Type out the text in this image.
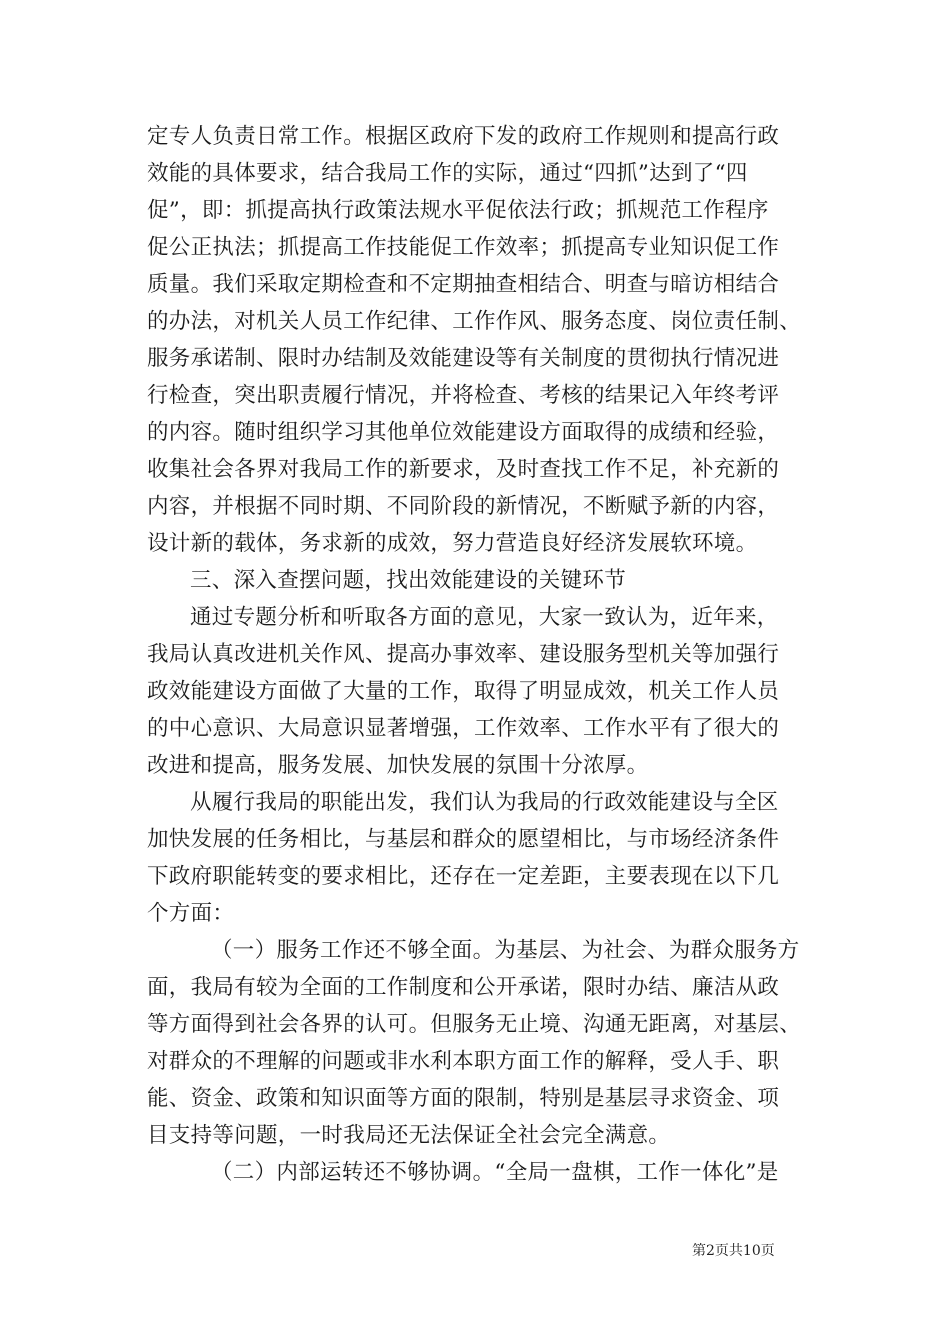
定专人负责日常工作。根据区政府下发的政府工作规则和提高行政
效能的具体要求，结合我局工作的实际，通过“四抓”达到了“四
促”，即：抓提高执行政策法规水平促依法行政；抓规范工作程序
促公正执法；抓提高工作技能促工作效率；抓提高专业知识促工作
质量。我们采取定期检查和不定期抽查相结合、明查与暗访相结合
的办法，对机关人员工作纪律、工作作风、服务态度、岗位责任制、
服务承诺制、限时办结制及效能建设等有关制度的贯彻执行情况进
行检查，突出职责履行情况，并将检查、考核的结果记入年终考评
的内容。随时组织学习其他单位效能建设方面取得的成绩和经验，
收集社会各界对我局工作的新要求，及时查找工作不足，补充新的
内容，并根据不同时期、不同阶段的新情况，不断赋予新的内容，
设计新的载体，务求新的成效，努力营造良好经济发展软环境。
三、深入查摆问题，找出效能建设的关键环节
通过专题分析和听取各方面的意见，大家一致认为，近年来，
我局认真改进机关作风、提高办事效率、建设服务型机关等加强行
政效能建设方面做了大量的工作，取得了明显成效，机关工作人员
的中心意识、大局意识显著增强，工作效率、工作水平有了很大的
改进和提高，服务发展、加快发展的氛围十分浓厚。
从履行我局的职能出发，我们认为我局的行政效能建设与全区
加快发展的任务相比，与基层和群众的愿望相比，与市场经济条件
下政府职能转变的要求相比，还存在一定差距，主要表现在以下几
个方面：
（一）服务工作还不够全面。为基层、为社会、为群众服务方
面，我局有较为全面的工作制度和公开承诺，限时办结、廉洁从政
等方面得到社会各界的认可。但服务无止境、沟通无距离，对基层、
对群众的不理解的问题或非水利本职方面工作的解释，受人手、职
能、资金、政策和知识面等方面的限制，特别是基层寻求资金、项
目支持等问题，一时我局还无法保证全社会完全满意。
（二）内部运转还不够协调。“全局一盘棋，工作一体化”是
第2页共10页
